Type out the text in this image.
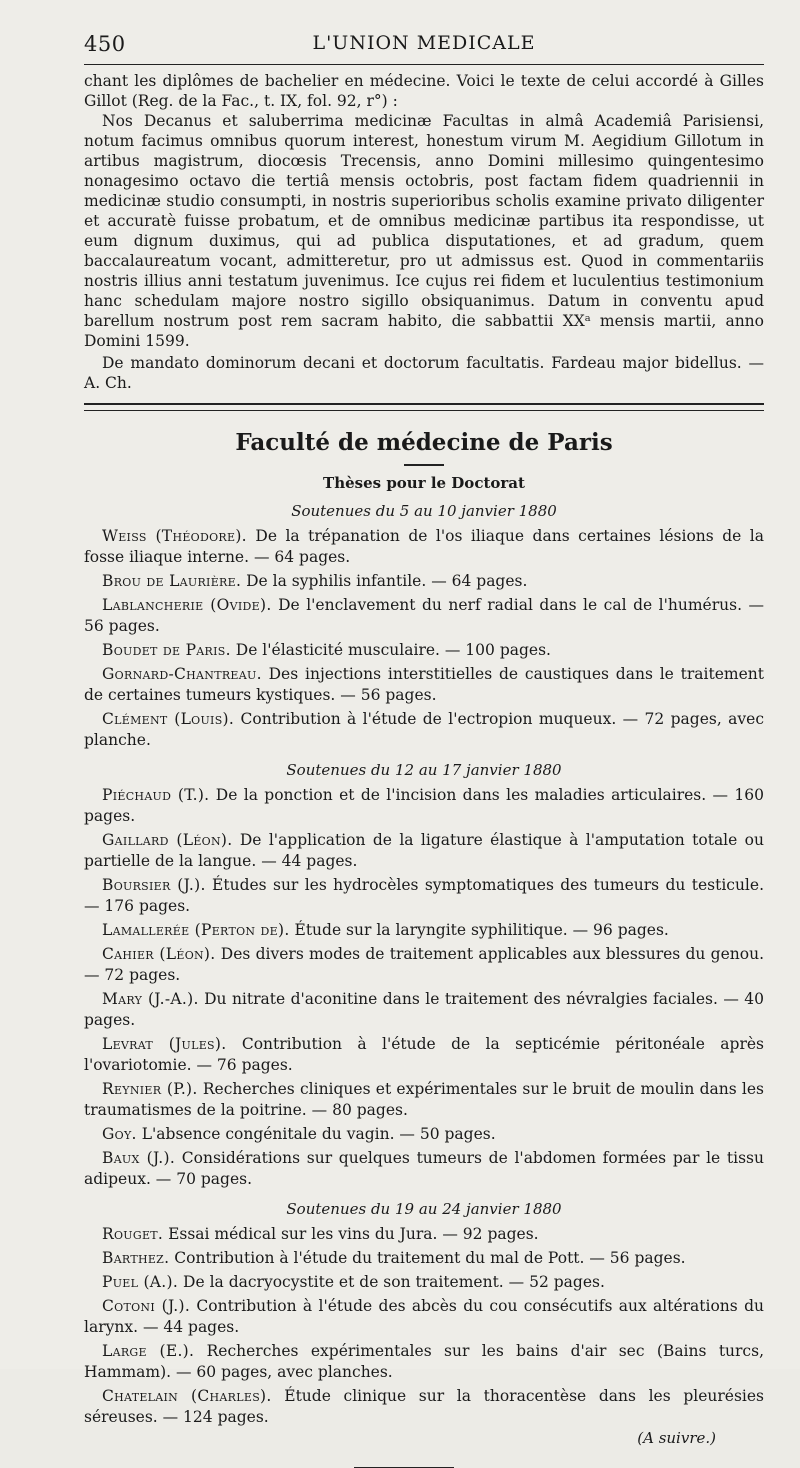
450	L'UNION MEDICALE

chant les diplômes de bachelier en médecine. Voici le texte de celui accordé à Gilles Gillot (Reg. de la Fac., t. IX, fol. 92, r°) :

Nos Decanus et saluberrima medicinæ Facultas in almâ Academiâ Parisiensi, notum facimus omnibus quorum interest, honestum virum M. Aegidium Gillotum in artibus magistrum, diocœsis Trecensis, anno Domini millesimo quingentesimo nonagesimo octavo die tertiâ mensis octobris, post factam fidem quadriennii in medicinæ studio consumpti, in nostris superioribus scholis examine privato diligenter et accuratè fuisse probatum, et de omnibus medicinæ partibus ita respondisse, ut eum dignum duximus, qui ad publica disputationes, et ad gradum, quem baccalaureatum vocant, admitteretur, pro ut admissus est. Quod in commentariis nostris illius anni testatum juvenimus. Ice cujus rei fidem et luculentius testimonium hanc schedulam majore nostro sigillo obsiquanimus. Datum in conventu apud barellum nostrum post rem sacram habito, die sabbattii XXᵃ mensis martii, anno Domini 1599.

De mandato dominorum decani et doctorum facultatis. Fardeau major bidellus. — A. Ch.

Faculté de médecine de Paris
Thèses pour le Doctorat
Soutenues du 5 au 10 janvier 1880

Weiss (Théodore). De la trépanation de l'os iliaque dans certaines lésions de la fosse iliaque interne. — 64 pages.

Brou de Laurière. De la syphilis infantile. — 64 pages.

Lablancherie (Ovide). De l'enclavement du nerf radial dans le cal de l'humérus. — 56 pages.

Boudet de Paris. De l'élasticité musculaire. — 100 pages.

Gornard-Chantreau. Des injections interstitielles de caustiques dans le traitement de certaines tumeurs kystiques. — 56 pages.

Clément (Louis). Contribution à l'étude de l'ectropion muqueux. — 72 pages, avec planche.

Soutenues du 12 au 17 janvier 1880

Piéchaud (T.). De la ponction et de l'incision dans les maladies articulaires. — 160 pages.

Gaillard (Léon). De l'application de la ligature élastique à l'amputation totale ou partielle de la langue. — 44 pages.

Boursier (J.). Études sur les hydrocèles symptomatiques des tumeurs du testicule. — 176 pages.

Lamallerée (Perton de). Étude sur la laryngite syphilitique. — 96 pages.

Cahier (Léon). Des divers modes de traitement applicables aux blessures du genou. — 72 pages.

Mary (J.-A.). Du nitrate d'aconitine dans le traitement des névralgies faciales. — 40 pages.

Levrat (Jules). Contribution à l'étude de la septicémie péritonéale après l'ovariotomie. — 76 pages.

Reynier (P.). Recherches cliniques et expérimentales sur le bruit de moulin dans les traumatismes de la poitrine. — 80 pages.

Goy. L'absence congénitale du vagin. — 50 pages.

Baux (J.). Considérations sur quelques tumeurs de l'abdomen formées par le tissu adipeux. — 70 pages.

Soutenues du 19 au 24 janvier 1880

Rouget. Essai médical sur les vins du Jura. — 92 pages.

Barthez. Contribution à l'étude du traitement du mal de Pott. — 56 pages.

Puel (A.). De la dacryocystite et de son traitement. — 52 pages.

Cotoni (J.). Contribution à l'étude des abcès du cou consécutifs aux altérations du larynx. — 44 pages.

Large (E.). Recherches expérimentales sur les bains d'air sec (Bains turcs, Hammam). — 60 pages, avec planches.

Chatelain (Charles). Étude clinique sur la thoracentèse dans les pleurésies séreuses. — 124 pages.

(A suivre.)
